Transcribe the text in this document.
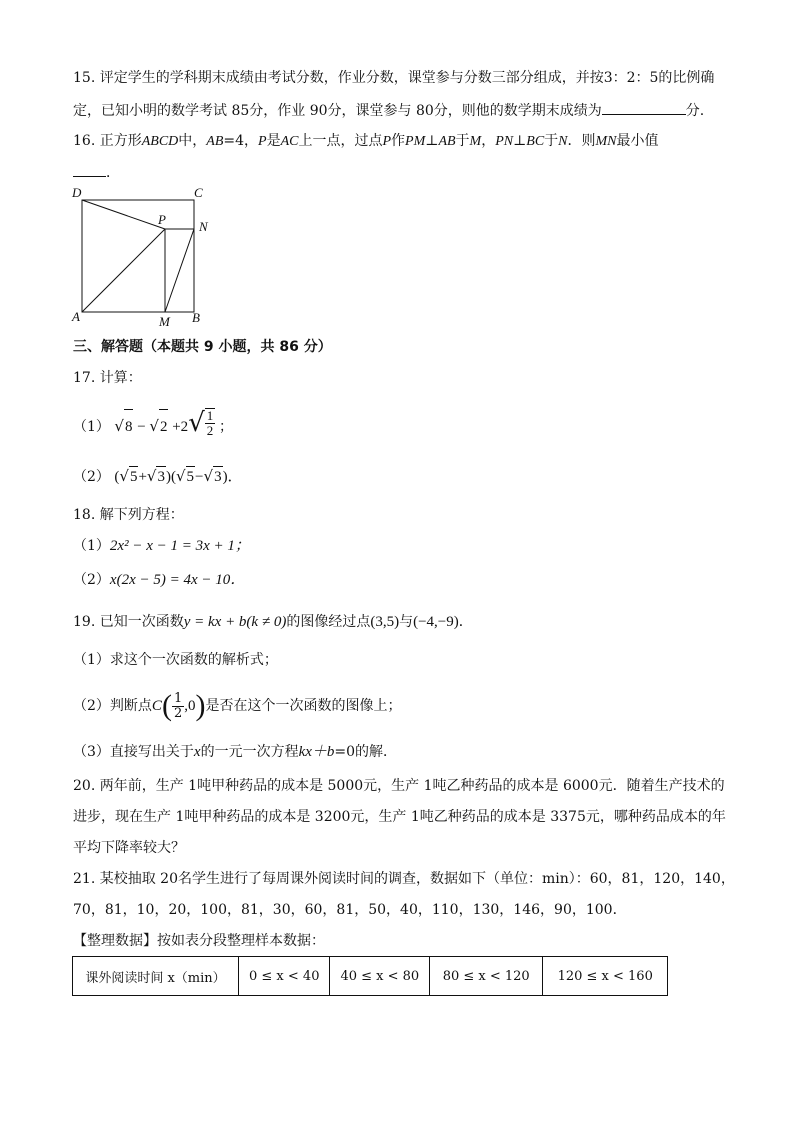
15. 评定学生的学科期末成绩由考试分数，作业分数，课堂参与分数三部分组成，并按3：2：5的比例确
定，已知小明的数学考试 85分，作业 90分，课堂参与 80分，则他的数学期末成绩为	分.
16. 正方形ABCD中，AB=4，P是AC上一点，过点P作PM⊥AB于M，PN⊥BC于N．则MN最小值
．
D	C
P	N
A	M B
三、解答题（本题共 9 小题，共 86 分）
17. 计算：
（1） √ 8 − √ 2 +2 √ $\frac{1}{2}$ ；
（2） ( √ 5 + √ 3 )( √ 5 − √ 3 )．
18. 解下列方程：
（1）2x² − x − 1 = 3x + 1；
（2）x(2x − 5) = 4x − 10．
19. 已知一次函数y = kx + b(k ≠ 0)的图像经过点(3,5)与(−4,−9)．
（1）求这个一次函数的解析式；
（2）判断点$C( \frac{1}{2} ,0)$是否在这个一次函数的图像上；
（3）直接写出关于x的一元一次方程kx＋b=0的解．
20. 两年前，生产 1吨甲种药品的成本是 5000元，生产 1吨乙种药品的成本是 6000元．随着生产技术的
进步，现在生产 1吨甲种药品的成本是 3200元，生产 1吨乙种药品的成本是 3375元，哪种药品成本的年
平均下降率较大？
21. 某校抽取 20名学生进行了每周课外阅读时间的调查，数据如下（单位：min）：60，81，120，140，
70，81，10，20，100，81，30，60，81，50，40，110，130，146，90，100．
【整理数据】按如表分段整理样本数据：
课外阅读时间 x（min）	0 ≤ x < 40	40 ≤ x < 80	80 ≤ x < 120	120 ≤ x < 160
